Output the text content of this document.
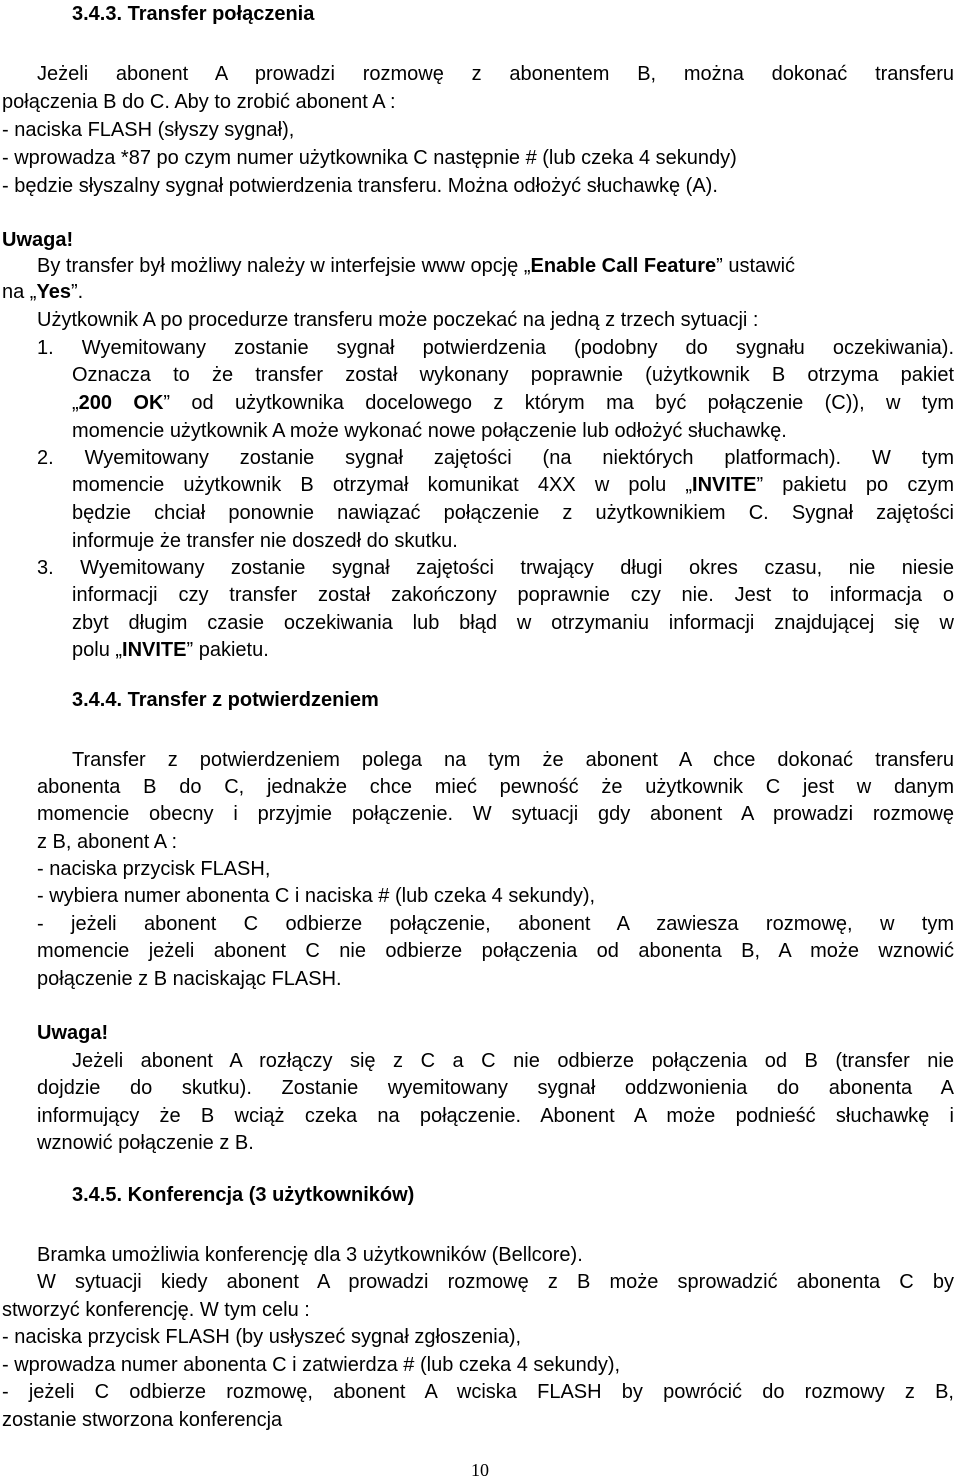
3.4.3. Transfer połączenia
Jeżeli abonent A prowadzi rozmowę z abonentem B, można dokonać transferu
połączenia B do C. Aby to zrobić abonent A :
- naciska FLASH (słyszy sygnał),
- wprowadza *87 po czym numer użytkownika C następnie # (lub czeka 4 sekundy)
- będzie słyszalny sygnał potwierdzenia transferu. Można odłożyć słuchawkę (A).
Uwaga!
By transfer był możliwy należy w interfejsie www opcję „Enable Call Feature” ustawić
na „Yes”.
Użytkownik A po procedurze transferu może poczekać na jedną z trzech sytuacji :
1. Wyemitowany zostanie sygnał potwierdzenia (podobny do sygnału oczekiwania).
Oznacza to że transfer został wykonany poprawnie (użytkownik B otrzyma pakiet
„200 OK” od użytkownika docelowego z którym ma być połączenie (C)), w tym
momencie użytkownik A może wykonać nowe połączenie lub odłożyć słuchawkę.
2. Wyemitowany zostanie sygnał zajętości (na niektórych platformach). W tym
momencie użytkownik B otrzymał komunikat 4XX w polu „INVITE” pakietu po czym
będzie chciał ponownie nawiązać połączenie z użytkownikiem C. Sygnał zajętości
informuje że transfer nie doszedł do skutku.
3. Wyemitowany zostanie sygnał zajętości trwający długi okres czasu, nie niesie
informacji czy transfer został zakończony poprawnie czy nie. Jest to informacja o
zbyt długim czasie oczekiwania lub błąd w otrzymaniu informacji znajdującej się w
polu „INVITE” pakietu.
3.4.4. Transfer z potwierdzeniem
Transfer z potwierdzeniem polega na tym że abonent A chce dokonać transferu
abonenta B do C, jednakże chce mieć pewność że użytkownik C jest w danym
momencie obecny i przyjmie połączenie. W sytuacji gdy abonent A prowadzi rozmowę
z B, abonent A :
- naciska przycisk FLASH,
- wybiera numer abonenta C i naciska # (lub czeka 4 sekundy),
- jeżeli abonent C odbierze połączenie, abonent A zawiesza rozmowę, w tym
momencie jeżeli abonent C nie odbierze połączenia od abonenta B, A może wznowić
połączenie z B naciskając FLASH.
Uwaga!
Jeżeli abonent A rozłączy się z C a C nie odbierze połączenia od B (transfer nie
dojdzie do skutku). Zostanie wyemitowany sygnał oddzwonienia do abonenta A
informujący że B wciąż czeka na połączenie. Abonent A może podnieść słuchawkę i
wznowić połączenie z B.
3.4.5. Konferencja (3 użytkowników)
Bramka umożliwia konferencję dla 3 użytkowników (Bellcore).
W sytuacji kiedy abonent A prowadzi rozmowę z B może sprowadzić abonenta C by
stworzyć konferencję. W tym celu :
- naciska przycisk FLASH (by usłyszeć sygnał zgłoszenia),
- wprowadza numer abonenta C i zatwierdza # (lub czeka 4 sekundy),
- jeżeli C odbierze rozmowę, abonent A wciska FLASH by powrócić do rozmowy z B,
zostanie stworzona konferencja
10
